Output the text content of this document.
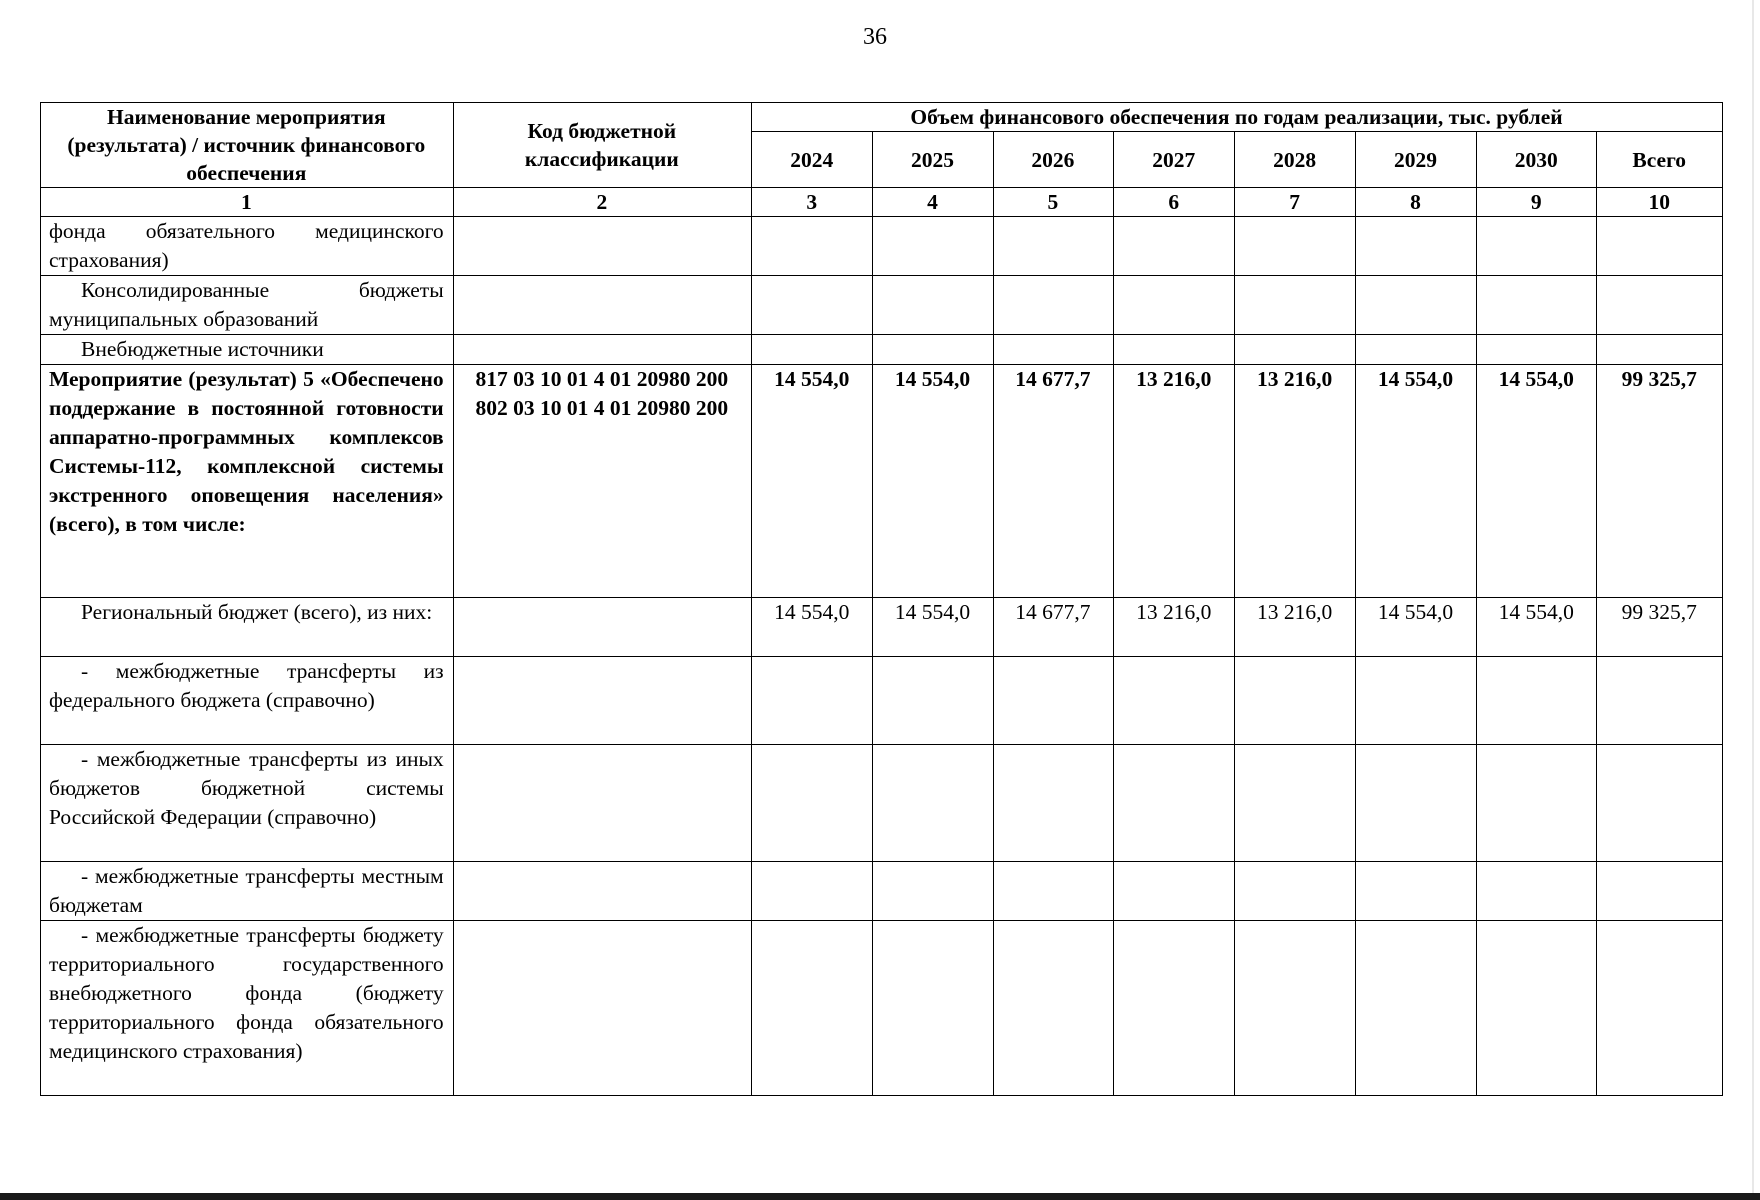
36
Наименование мероприятия (результата) / источник финансового обеспечения	Код бюджетной классификации	Объем финансового обеспечения по годам реализации, тыс. рублей							
		2024	2025	2026	2027	2028	2029	2030	Всего
1	2	3	4	5	6	7	8	9	10
фонда обязательного медицинского страхования)									
Консолидированные бюджеты муниципальных образований									
Внебюджетные источники									
Мероприятие (результат) 5 «Обеспечено поддержание в постоянной готовности аппаратно-программных комплексов Системы-112, комплексной системы экстренного оповещения населения» (всего), в том числе:	817 03 10 01 4 01 20980 200 802 03 10 01 4 01 20980 200	14 554,0	14 554,0	14 677,7	13 216,0	13 216,0	14 554,0	14 554,0	99 325,7
Региональный бюджет (всего), из них:		14 554,0	14 554,0	14 677,7	13 216,0	13 216,0	14 554,0	14 554,0	99 325,7
- межбюджетные трансферты из федерального бюджета (справочно)									
- межбюджетные трансферты из иных бюджетов бюджетной системы Российской Федерации (справочно)									
- межбюджетные трансферты местным бюджетам									
- межбюджетные трансферты бюджету территориального государственного внебюджетного фонда (бюджету территориального фонда обязательного медицинского страхования)									
